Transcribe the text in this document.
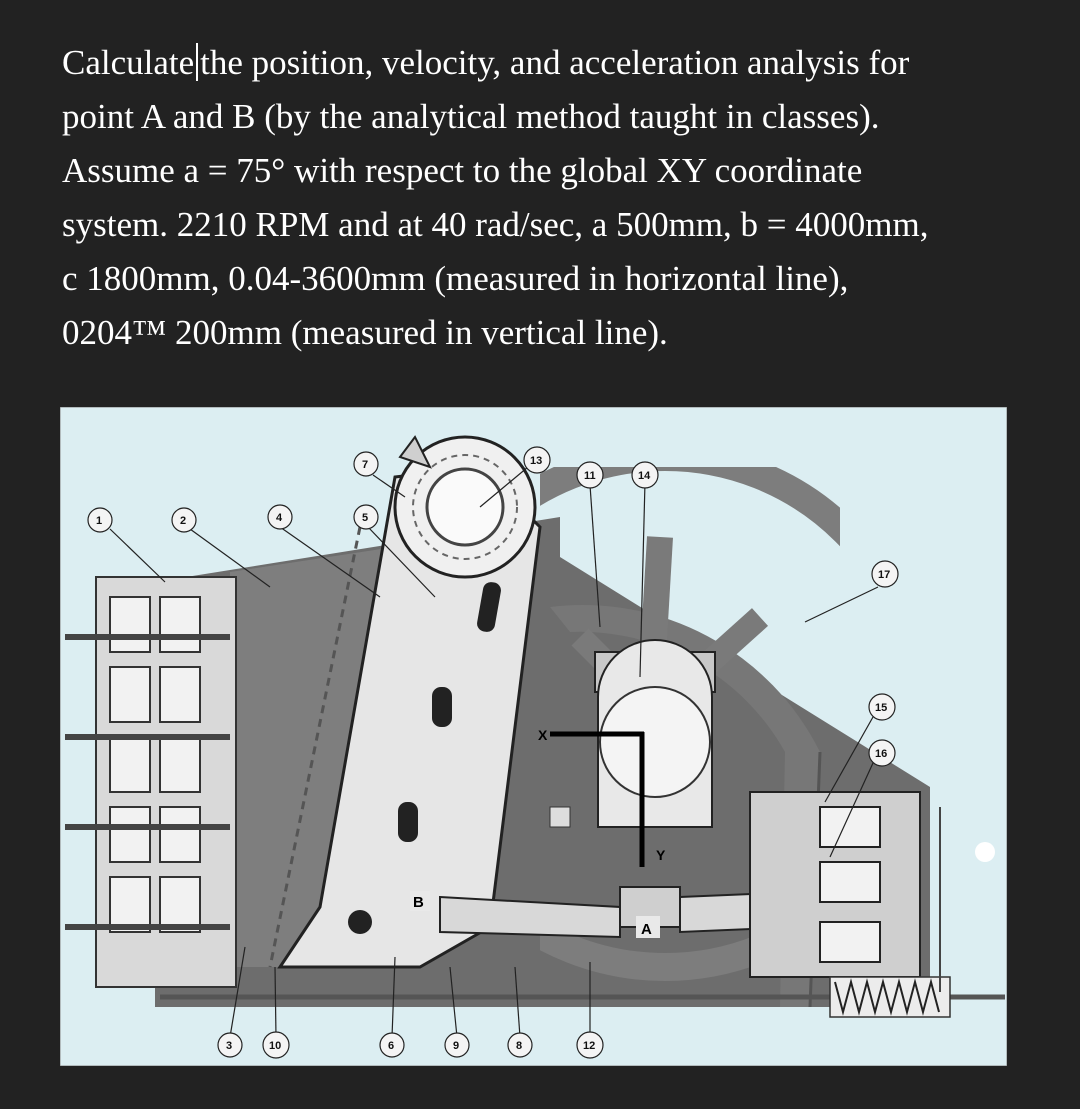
Calculate the position, velocity, and acceleration analysis for
point A and B (by the analytical method taught in classes).
Assume a = 75° with respect to the global XY coordinate
system. 2210 RPM and at 40 rad/sec, a 500mm, b = 4000mm,
c 1800mm, 0.04-3600mm (measured in horizontal line),
0204™ 200mm (measured in vertical line).
X
Y
A
B
1	2	4	5
7	13
11	14
17
15
16
3	10	6	9	8	12
